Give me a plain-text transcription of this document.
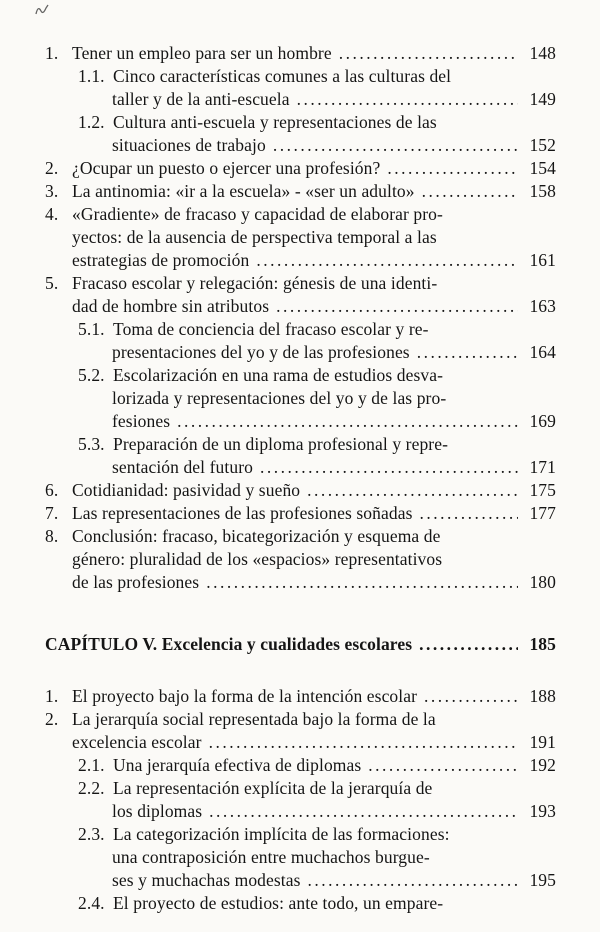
1. Tener un empleo para ser un hombre .....	148
1.1. Cinco características comunes a las culturas del
taller y de la anti-escuela .....	149
1.2. Cultura anti-escuela y representaciones de las
situaciones de trabajo .....	152
2. ¿Ocupar un puesto o ejercer una profesión? .....	154
3. La antinomia: «ir a la escuela» - «ser un adulto» .....	158
4. «Gradiente» de fracaso y capacidad de elaborar pro-
yectos: de la ausencia de perspectiva temporal a las
estrategias de promoción .....	161
5. Fracaso escolar y relegación: génesis de una identi-
dad de hombre sin atributos .....	163
5.1. Toma de conciencia del fracaso escolar y re-
presentaciones del yo y de las profesiones .....	164
5.2. Escolarización en una rama de estudios desva-
lorizada y representaciones del yo y de las pro-
fesiones .....	169
5.3. Preparación de un diploma profesional y repre-
sentación del futuro .....	171
6. Cotidianidad: pasividad y sueño .....	175
7. Las representaciones de las profesiones soñadas .....	177
8. Conclusión: fracaso, bicategorización y esquema de
género: pluralidad de los «espacios» representativos
de las profesiones .....	180
CAPÍTULO V. Excelencia y cualidades escolares .....	185
1. El proyecto bajo la forma de la intención escolar .....	188
2. La jerarquía social representada bajo la forma de la
excelencia escolar .....	191
2.1. Una jerarquía efectiva de diplomas .....	192
2.2. La representación explícita de la jerarquía de
los diplomas .....	193
2.3. La categorización implícita de las formaciones:
una contraposición entre muchachos burgue-
ses y muchachas modestas .....	195
2.4. El proyecto de estudios: ante todo, un empare-
